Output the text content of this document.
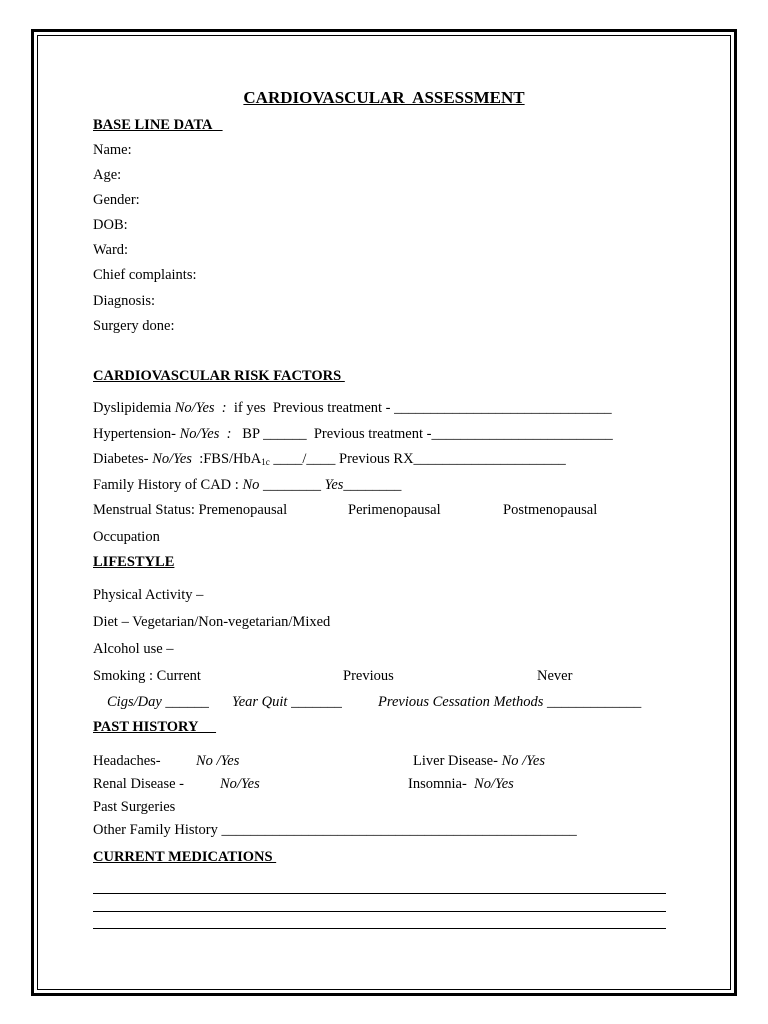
CARDIOVASCULAR  ASSESSMENT
BASE LINE DATA
Name:
Age:
Gender:
DOB:
Ward:
Chief complaints:
Diagnosis:
Surgery done:
CARDIOVASCULAR RISK FACTORS
Dyslipidemia No/Yes  :  if yes  Previous treatment - ______________________________
Hypertension- No/Yes  :   BP ______  Previous treatment -_________________________
Diabetes- No/Yes  :FBS/HbA$_{1c}$ ____/____ Previous RX_____________________
Family History of CAD : No ________ Yes________
Menstrual Status: Premenopausal	Perimenopausal	Postmenopausal
Occupation
LIFESTYLE
Physical Activity –
Diet – Vegetarian/Non-vegetarian/Mixed
Alcohol use –
Smoking : Current	Previous	Never
Cigs/Day ______ Year Quit _______ Previous Cessation Methods _____________
PAST HISTORY
Headaches- No /Yes	Liver Disease- No /Yes
Renal Disease - No/Yes	Insomnia-  No/Yes
Past Surgeries
Other Family History _________________________________________________
CURRENT MEDICATIONS
